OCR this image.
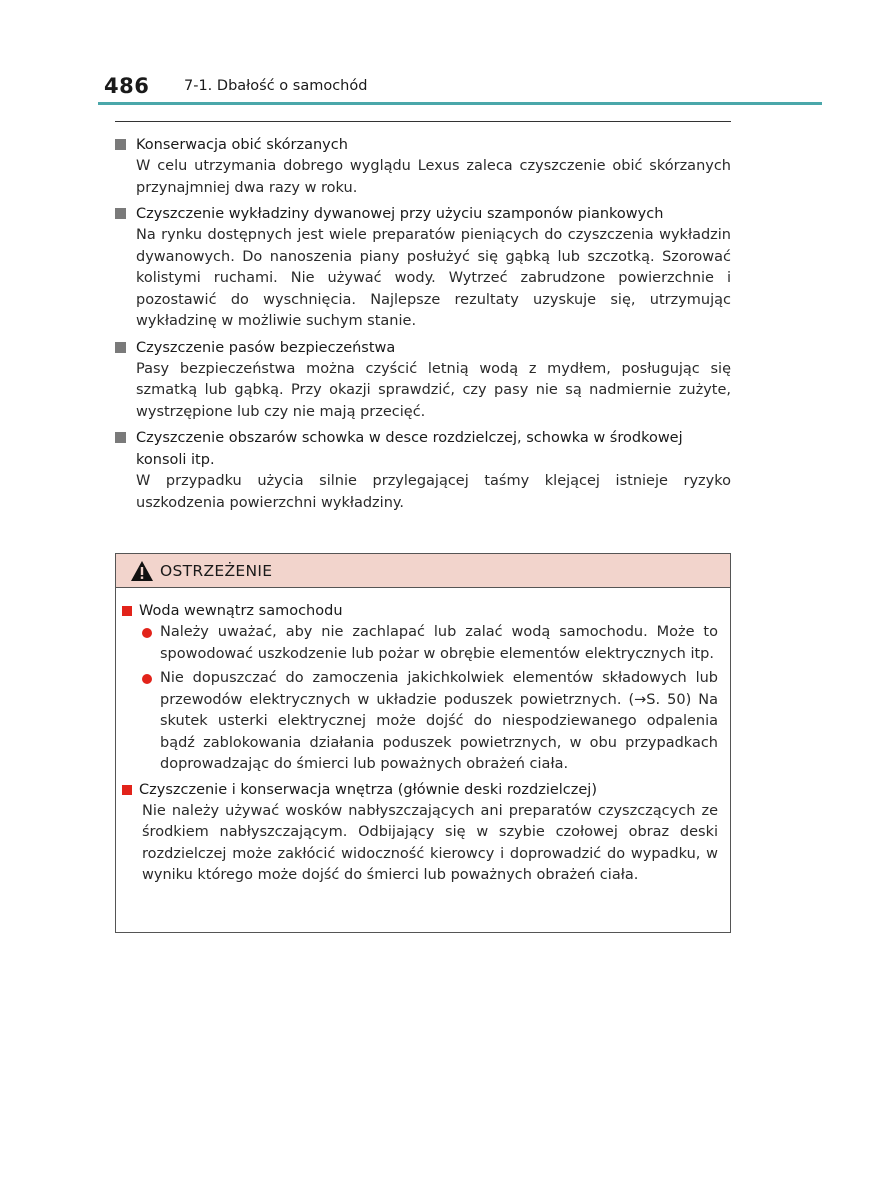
486 7-1. Dbałość o samochód
Konserwacja obić skórzanych
W celu utrzymania dobrego wyglądu Lexus zaleca czyszczenie obić skórzanych przynajmniej dwa razy w roku.
Czyszczenie wykładziny dywanowej przy użyciu szamponów piankowych
Na rynku dostępnych jest wiele preparatów pieniących do czyszczenia wykładzin dywanowych. Do nanoszenia piany posłużyć się gąbką lub szczotką. Szorować kolistymi ruchami. Nie używać wody. Wytrzeć zabrudzone powierzchnie i pozostawić do wyschnięcia. Najlepsze rezultaty uzyskuje się, utrzymując wykładzinę w możliwie suchym stanie.
Czyszczenie pasów bezpieczeństwa
Pasy bezpieczeństwa można czyścić letnią wodą z mydłem, posługując się szmatką lub gąbką. Przy okazji sprawdzić, czy pasy nie są nadmiernie zużyte, wystrzępione lub czy nie mają przecięć.
Czyszczenie obszarów schowka w desce rozdzielczej, schowka w środkowej konsoli itp.
W przypadku użycia silnie przylegającej taśmy klejącej istnieje ryzyko uszkodzenia powierzchni wykładziny.
OSTRZEŻENIE
Woda wewnątrz samochodu
Należy uważać, aby nie zachlapać lub zalać wodą samochodu. Może to spowodować uszkodzenie lub pożar w obrębie elementów elektrycznych itp.
Nie dopuszczać do zamoczenia jakichkolwiek elementów składowych lub przewodów elektrycznych w układzie poduszek powietrznych. (→S. 50) Na skutek usterki elektrycznej może dojść do niespodziewanego odpalenia bądź zablokowania działania poduszek powietrznych, w obu przypadkach doprowadzając do śmierci lub poważnych obrażeń ciała.
Czyszczenie i konserwacja wnętrza (głównie deski rozdzielczej)
Nie należy używać wosków nabłyszczających ani preparatów czyszczących ze środkiem nabłyszczającym. Odbijający się w szybie czołowej obraz deski rozdzielczej może zakłócić widoczność kierowcy i doprowadzić do wypadku, w wyniku którego może dojść do śmierci lub poważnych obrażeń ciała.
